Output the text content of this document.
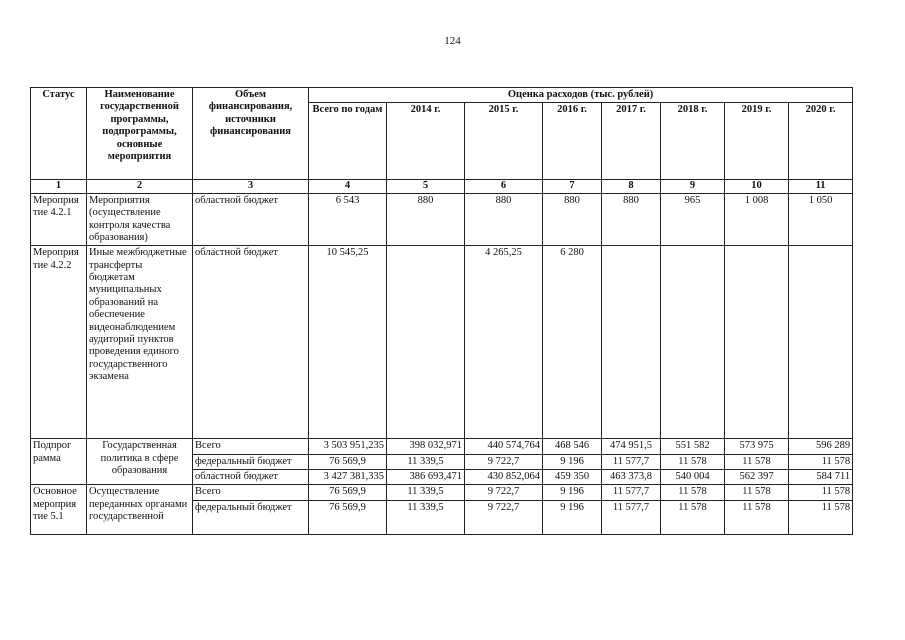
124
Статус	Наименование государственной программы, подпрограммы, основные мероприятия	Объем финансирования, источники финансирования	Оценка расходов (тыс. рублей)							
			Всего по годам	2014 г.	2015 г.	2016 г.	2017 г.	2018 г.	2019 г.	2020 г.
1	2	3	4	5	6	7	8	9	10	11
Мероприя тие 4.2.1	Мероприятия (осуществление контроля качества образования)	областной бюджет	6 543	880	880	880	880	965	1 008	1 050
Мероприя тие 4.2.2	Иные межбюджетные трансферты бюджетам муниципальных образований на обеспечение видеонаблюдением аудиторий пунктов проведения единого государственного экзамена	областной бюджет	10 545,25		4 265,25	6 280				
Подпрог рамма	Государственная политика в сфере образования	Всего	3 503 951,235	398 032,971	440 574,764	468 546	474 951,5	551 582	573 975	596 289
		федеральный бюджет	76 569,9	11 339,5	9 722,7	9 196	11 577,7	11 578	11 578	11 578
		областной бюджет	3 427 381,335	386 693,471	430 852,064	459 350	463 373,8	540 004	562 397	584 711
Основное мероприя тие 5.1	Осуществление переданных органами государственной	Всего	76 569,9	11 339,5	9 722,7	9 196	11 577,7	11 578	11 578	11 578
		федеральный бюджет	76 569,9	11 339,5	9 722,7	9 196	11 577,7	11 578	11 578	11 578
